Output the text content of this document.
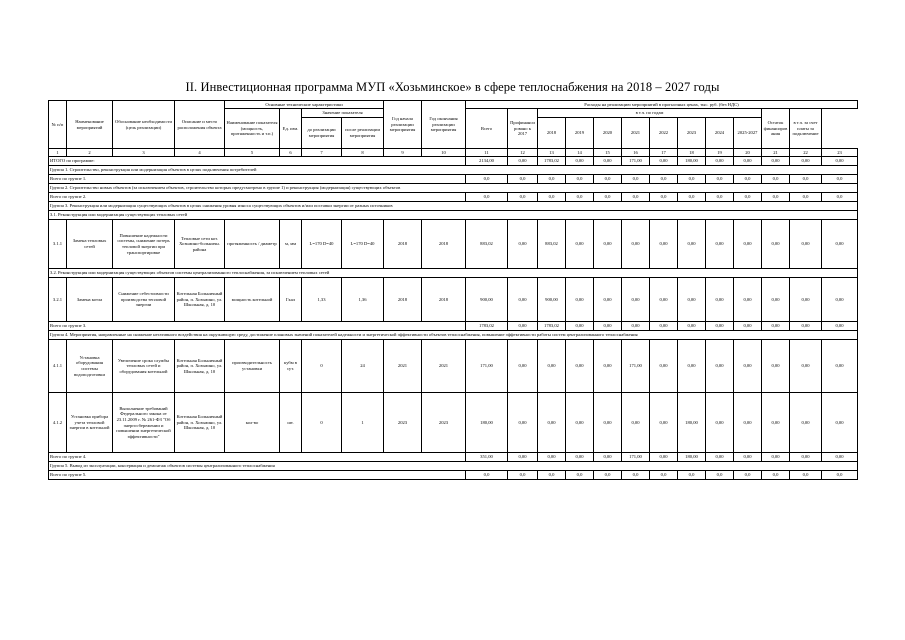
II. Инвестиционная программа МУП «Хозьминское» в сфере теплоснабжения на 2018 – 2027 годы
№ п/п	Наименование мероприятий	Обоснование необходимости (цель реализации)	Описание и место расположения объекта	Основные технические характеристики				Год начала реализации мероприятия	Год окончания реализации мероприятия	Расходы на реализацию мероприятий в прогнозных ценах, тыс. руб. (без НДС)												
				Наименование показателя (мощность, протяженность и т.п.)	Ед. изм.	Значение показателя				Всего	Профинансировано к 2017	в т.ч. по годам								Остаток финансирования	в т.ч. за счет платы за подключение	
						до реализации мероприятия	после реализации мероприятия					2018	2019	2020	2021	2022	2023	2024	2025-2027			
1	2	3	4	5	6	7	8	9	10	11	12	13	14	15	16	17	18	19	20	21	22	23
ИТОГО по программе:										2134,00	0,00	1783,02	0,00	0,00	171,00	0,00	180,00	0,00	0,00	0,00	0,00	0,00
Группа 1. Строительство, реконструкция или модернизация объектов в целях подключения потребителей																						
Всего по группе 1.										0,0	0,0	0,0	0,0	0,0	0,0	0,0	0,0	0,0	0,0	0,0	0,0	0,0
Группа 2. Строительство новых объектов (за исключением объектов, строительство которых предусмотрено в группе 1) и реконструкция (модернизация) существующих объектов																						
Всего по группе 2.										0,0	0,0	0,0	0,0	0,0	0,0	0,0	0,0	0,0	0,0	0,0	0,0	0,0
Группа 3. Реконструкция или модернизация существующих объектов в целях снижения уровня износа существующих объектов и/или поставки энергии от разных источников																						
3.1. Реконструкция или модернизация существующих тепловых сетей																						
3.1.1	Замена тепловых сетей	Повышение надежности системы, снижение потерь тепловой энергии при транспортировке	Тепловые сети кот. Хозьмино-больничн. района	протяженность / диаметр	м, мм	L=170 D=40	L=170 D=40	2018	2018	883,02	0,00	883,02	0,00	0,00	0,00	0,00	0,00	0,00	0,00	0,00	0,00	0,00
3.2. Реконструкция или модернизация существующих объектов системы централизованного теплоснабжения, за исключением тепловых сетей																						
3.2.1	Замена котла	Снижение себестоимости производства тепловой энергии	Котельная Больничный район, п. Хозьмино, ул. Школьная, д. 10	мощность котельной	Гкал	1,33	1,36	2018	2018	900,00	0,00	900,00	0,00	0,00	0,00	0,00	0,00	0,00	0,00	0,00	0,00	0,00
Всего по группе 3.										1783,02	0,00	1783,02	0,00	0,00	0,00	0,00	0,00	0,00	0,00	0,00	0,00	0,00
Группа 4. Мероприятия, направленные на снижение негативного воздействия на окружающую среду, достижение плановых значений показателей надежности и энергетической эффективности объектов теплоснабжения, повышение эффективности работы систем централизованного теплоснабжения																						
4.1.1	Установка оборудования системы водоподготовки	Увеличение срока службы тепловых сетей и оборудования котельной	Котельная Больничный район, п. Хозьмино, ул. Школьная, д. 10	производительность установки	кубм в сут.	0	24	2021	2021	171,00	0,00	0,00	0,00	0,00	171,00	0,00	0,00	0,00	0,00	0,00	0,00	0,00
4.1.2	Установка прибора учета тепловой энергии в котельной	Выполнение требований Федерального закона от 23.11.2009 г. № 261-ФЗ "Об энергосбережении и повышении энергетической эффективности"	Котельная Больничный район, п. Хозьмино, ул. Школьная, д. 10	кол-во	шт.	0	1	2023	2023	180,00	0,00	0,00	0,00	0,00	0,00	0,00	180,00	0,00	0,00	0,00	0,00	0,00
Всего по группе 4.										351,00	0,00	0,00	0,00	0,00	171,00	0,00	180,00	0,00	0,00	0,00	0,00	0,00
Группа 5. Вывод из эксплуатации, консервация и демонтаж объектов системы централизованного теплоснабжения																						
Всего по группе 5.										0,0	0,0	0,0	0,0	0,0	0,0	0,0	0,0	0,0	0,0	0,0	0,0	0,0
